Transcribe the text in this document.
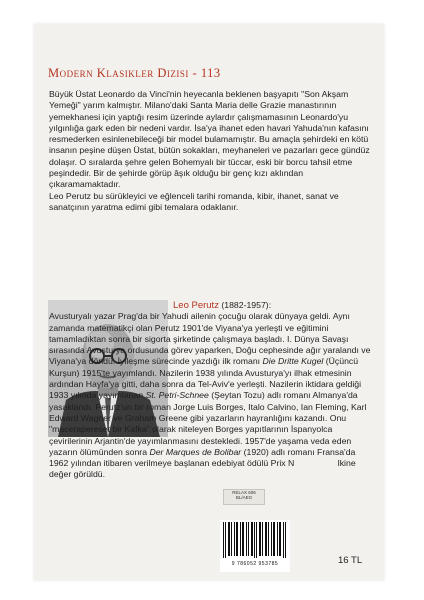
Modern Klasikler Dizisi - 113

Büyük Üstat Leonardo da Vinci'nin heyecanla beklenen başyapıtı "Son Akşam Yemeği" yarım kalmıştır. Milano'daki Santa Maria delle Grazie manastırının yemekhanesi için yaptığı resim üzerinde aylardır çalışmamasının Leonardo'yu yılgınlığa gark eden bir nedeni vardır. İsa'ya ihanet eden havari Yahuda'nın kafasını resmederken esinlenebileceği bir model bulamamıştır. Bu amaçla şehirdeki en kötü insanın peşine düşen Üstat, bütün sokakları, meyhaneleri ve pazarları gece gündüz dolaşır. O sıralarda şehre gelen Bohemyalı bir tüccar, eski bir borcu tahsil etme peşindedir. Bir de şehirde görüp âşık olduğu bir genç kızı aklından çıkaramamaktadır.
Leo Perutz bu sürükleyici ve eğlenceli tarihi romanda, kibir, ihanet, sanat ve sanatçının yaratma edimi gibi temalara odaklanır.

Leo Perutz (1882-1957):
Avusturyalı yazar Prag'da bir Yahudi ailenin çocuğu olarak dünyaya geldi. Aynı zamanda matematikçi olan Perutz 1901'de Viyana'ya yerleşti ve eğitimini tamamladıktan sonra bir sigorta şirketinde çalışmaya başladı. I. Dünya Savaşı sırasında Avusturya ordusunda görev yaparken, Doğu cephesinde ağır yaralandı ve Viyana'ya döndü. İyileşme sürecinde yazdığı ilk romanı Die Dritte Kugel (Üçüncü Kurşun) 1915'te yayımlandı. Nazilerin 1938 yılında Avusturya'yı ilhak etmesinin ardından Hayfa'ya gitti, daha sonra da Tel-Aviv'e yerleşti. Nazilerin iktidara geldiği 1933 yılında yayımlanan St. Petri-Schnee (Şeytan Tozu) adlı romanı Almanya'da yasaklandı. Perutz'un bir roman Jorge Luis Borges, Italo Calvino, Ian Fleming, Karl Edward Wagner ve Graham Greene gibi yazarların hayranlığını kazandı. Onu "macerapereset bir Kafka" olarak niteleyen Borges yapıtlarının İspanyolca çevirilerinin Arjantin'de yayımlanmasını destekledi. 1957'de yaşama veda eden yazarın ölümünden sonra Der Marques de Bolibar (1920) adlı romanı Fransa'da 1962 yılından itibaren verilmeye başlanan edebiyat ödülü Prix N     	lkine değer görüldü.

RELAX 606 BL/AEG
9 786052 953785	16 TL
